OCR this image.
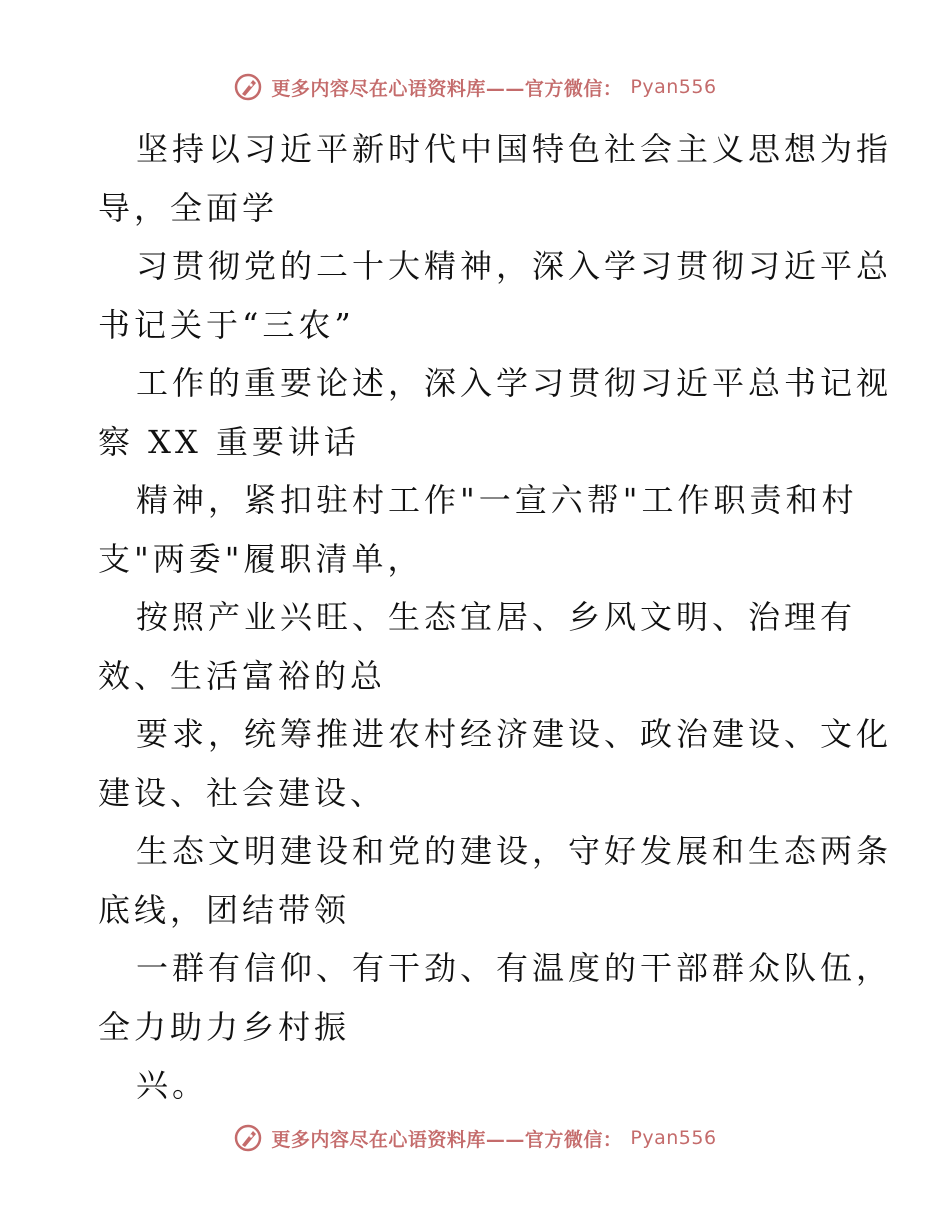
更多内容尽在心语资料库——官方微信： Pyan556
坚持以习近平新时代中国特色社会主义思想为指
导，全面学
习贯彻党的二十大精神，深入学习贯彻习近平总
书记关于“三农”
工作的重要论述，深入学习贯彻习近平总书记视
察 XX 重要讲话
精神，紧扣驻村工作"一宣六帮"工作职责和村
支"两委"履职清单，
按照产业兴旺、生态宜居、乡风文明、治理有
效、生活富裕的总
要求，统筹推进农村经济建设、政治建设、文化
建设、社会建设、
生态文明建设和党的建设，守好发展和生态两条
底线，团结带领
一群有信仰、有干劲、有温度的干部群众队伍，
全力助力乡村振
兴。
更多内容尽在心语资料库——官方微信： Pyan556
